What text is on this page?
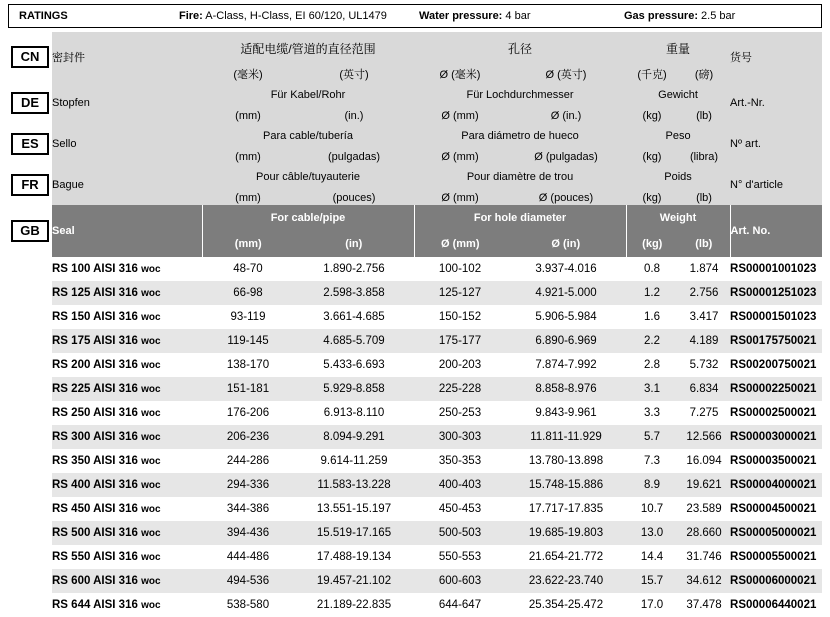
RATINGS	Fire: A-Class, H-Class, EI 60/120, UL1479	Water pressure: 4 bar	Gas pressure: 2.5 bar
CN	密封件	适配电缆/管道的直径范围		孔径		重量		货号
		(毫米)	(英寸)	Ø (毫米)	Ø (英寸)	(千克)	(磅)	
DE	Stopfen	Für Kabel/Rohr		Für Lochdurchmesser		Gewicht		Art.-Nr.
		(mm)	(in.)	Ø (mm)	Ø (in.)	(kg)	(lb)	
ES	Sello	Para cable/tubería		Para diámetro de hueco		Peso		Nº art.
		(mm)	(pulgadas)	Ø (mm)	Ø (pulgadas)	(kg)	(libra)	
FR	Bague	Pour câble/tuyauterie		Pour diamètre de trou		Poids		N° d'article
		(mm)	(pouces)	Ø (mm)	Ø (pouces)	(kg)	(lb)	
GB	Seal	For cable/pipe		For hole diameter		Weight		Art. No.
		(mm)	(in)	Ø (mm)	Ø (in)	(kg)	(lb)	
	RS 100 AISI 316 woc	48-70	1.890-2.756	100-102	3.937-4.016	0.8	1.874	RS00001001023
	RS 125 AISI 316 woc	66-98	2.598-3.858	125-127	4.921-5.000	1.2	2.756	RS00001251023
	RS 150 AISI 316 woc	93-119	3.661-4.685	150-152	5.906-5.984	1.6	3.417	RS00001501023
	RS 175 AISI 316 woc	119-145	4.685-5.709	175-177	6.890-6.969	2.2	4.189	RS00175750021
	RS 200 AISI 316 woc	138-170	5.433-6.693	200-203	7.874-7.992	2.8	5.732	RS00200750021
	RS 225 AISI 316 woc	151-181	5.929-8.858	225-228	8.858-8.976	3.1	6.834	RS00002250021
	RS 250 AISI 316 woc	176-206	6.913-8.110	250-253	9.843-9.961	3.3	7.275	RS00002500021
	RS 300 AISI 316 woc	206-236	8.094-9.291	300-303	11.811-11.929	5.7	12.566	RS00003000021
	RS 350 AISI 316 woc	244-286	9.614-11.259	350-353	13.780-13.898	7.3	16.094	RS00003500021
	RS 400 AISI 316 woc	294-336	11.583-13.228	400-403	15.748-15.886	8.9	19.621	RS00004000021
	RS 450 AISI 316 woc	344-386	13.551-15.197	450-453	17.717-17.835	10.7	23.589	RS00004500021
	RS 500 AISI 316 woc	394-436	15.519-17.165	500-503	19.685-19.803	13.0	28.660	RS00005000021
	RS 550 AISI 316 woc	444-486	17.488-19.134	550-553	21.654-21.772	14.4	31.746	RS00005500021
	RS 600 AISI 316 woc	494-536	19.457-21.102	600-603	23.622-23.740	15.7	34.612	RS00006000021
	RS 644 AISI 316 woc	538-580	21.189-22.835	644-647	25.354-25.472	17.0	37.478	RS00006440021
